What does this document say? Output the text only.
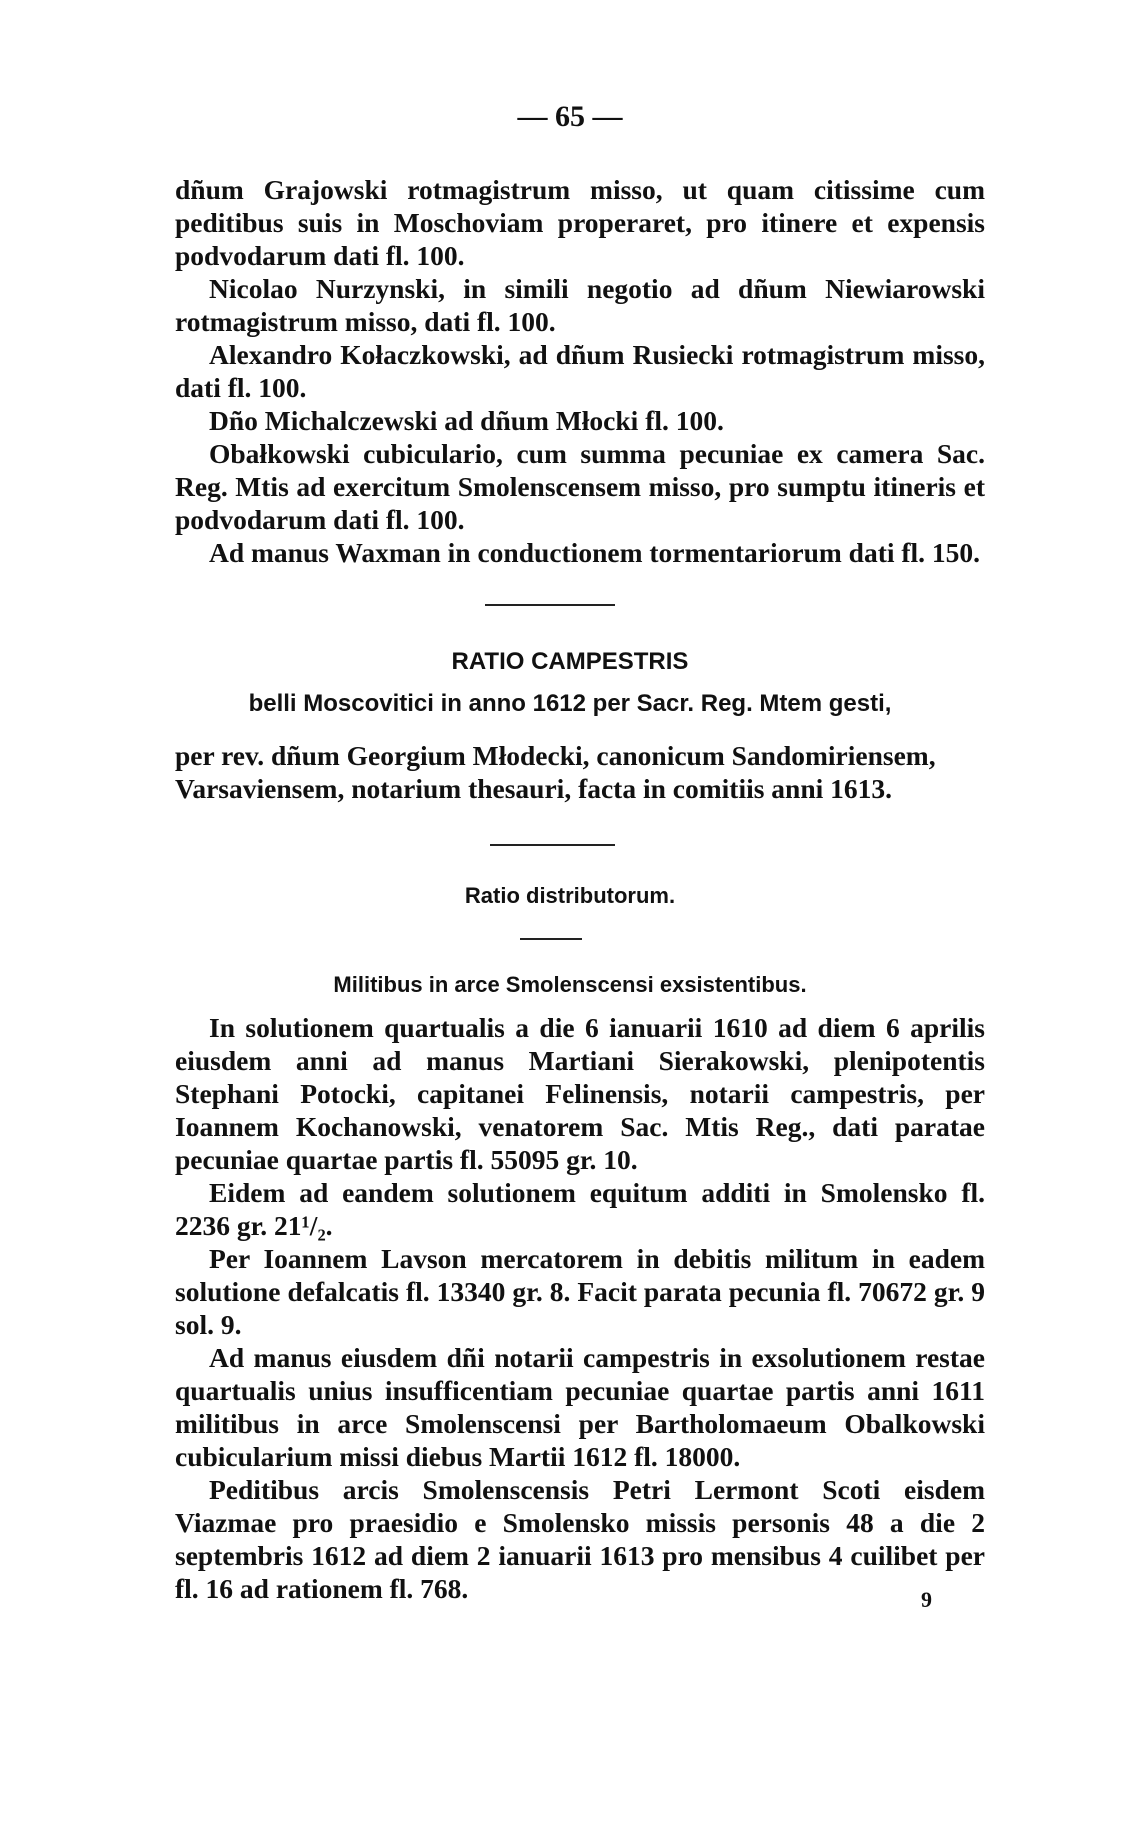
— 65 —

dñum Grajowski rotmagistrum misso, ut quam citissime cum peditibus suis in Moschoviam properaret, pro itinere et expensis podvodarum dati fl. 100.

Nicolao Nurzynski, in simili negotio ad dñum Niewiarowski rotmagistrum misso, dati fl. 100.

Alexandro Kołaczkowski, ad dñum Rusiecki rotmagistrum misso, dati fl. 100.

Dño Michalczewski ad dñum Młocki fl. 100.

Obałkowski cubiculario, cum summa pecuniae ex camera Sac. Reg. Mtis ad exercitum Smolenscensem misso, pro sumptu itineris et podvodarum dati fl. 100.

Ad manus Waxman in conductionem tormentariorum dati fl. 150.

RATIO CAMPESTRIS
belli Moscovitici in anno 1612 per Sacr. Reg. Mtem gesti,

per rev. dñum Georgium Młodecki, canonicum Sandomiriensem, Varsaviensem, notarium thesauri, facta in comitiis anni 1613.

Ratio distributorum.
Militibus in arce Smolenscensi exsistentibus.

In solutionem quartualis a die 6 ianuarii 1610 ad diem 6 aprilis eiusdem anni ad manus Martiani Sierakowski, plenipotentis Stephani Potocki, capitanei Felinensis, notarii campestris, per Ioannem Kochanowski, venatorem Sac. Mtis Reg., dati paratae pecuniae quartae partis fl. 55095 gr. 10.

Eidem ad eandem solutionem equitum additi in Smolensko fl. 2236 gr. 21¹/₂.

Per Ioannem Lavson mercatorem in debitis militum in eadem solutione defalcatis fl. 13340 gr. 8. Facit parata pecunia fl. 70672 gr. 9 sol. 9.

Ad manus eiusdem dñi notarii campestris in exsolutionem restae quartualis unius insufficentiam pecuniae quartae partis anni 1611 militibus in arce Smolenscensi per Bartholomaeum Obalkowski cubicularium missi diebus Martii 1612 fl. 18000.

Peditibus arcis Smolenscensis Petri Lermont Scoti eisdem Viazmae pro praesidio e Smolensko missis personis 48 a die 2 septembris 1612 ad diem 2 ianuarii 1613 pro mensibus 4 cuilibet per fl. 16 ad rationem fl. 768.	9
